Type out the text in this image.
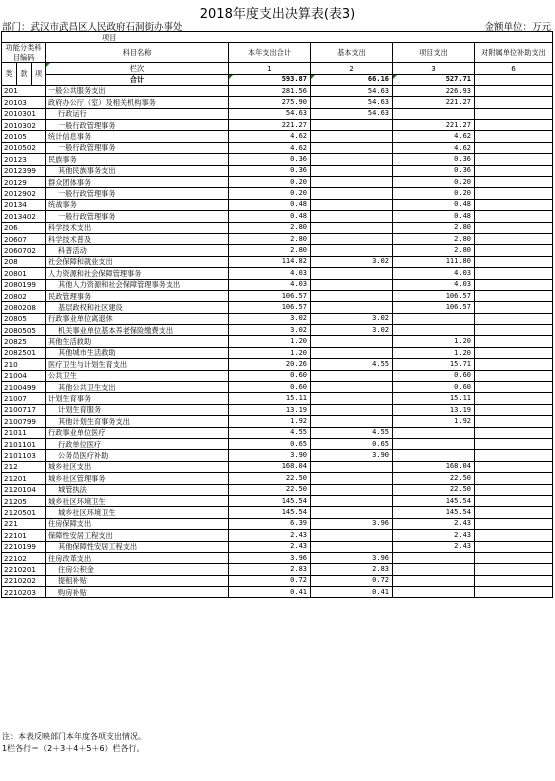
2018年度支出决算表(表3)
部门：武汉市武昌区人民政府石洞街办事处	金额单位：万元
项目							
功能分类科目编码			科目名称	本年支出合计	基本支出	项目支出	对附属单位补助支出
类	款	项	栏次	1	2	3	6
			合计	593.87	66.16	527.71	
201			一般公共服务支出	281.56	54.63	226.93	
20103			政府办公厅（室）及相关机构事务	275.90	54.63	221.27	
2010301			行政运行	54.63	54.63		
2010302			一般行政管理事务	221.27		221.27	
20105			统计信息事务	4.62		4.62	
2010502			一般行政管理事务	4.62		4.62	
20123			民族事务	0.36		0.36	
2012399			其他民族事务支出	0.36		0.36	
20129			群众团体事务	0.20		0.20	
2012902			一般行政管理事务	0.20		0.20	
20134			统战事务	0.48		0.48	
2013402			一般行政管理事务	0.48		0.48	
206			科学技术支出	2.80		2.80	
20607			科学技术普及	2.80		2.80	
2060702			科普活动	2.80		2.80	
208			社会保障和就业支出	114.82	3.02	111.80	
20801			人力资源和社会保障管理事务	4.03		4.03	
2080199			其他人力资源和社会保障管理事务支出	4.03		4.03	
20802			民政管理事务	106.57		106.57	
2080208			基层政权和社区建设	106.57		106.57	
20805			行政事业单位离退休	3.02	3.02		
2080505			机关事业单位基本养老保险缴费支出	3.02	3.02		
20825			其他生活救助	1.20		1.20	
2082501			其他城市生活救助	1.20		1.20	
210			医疗卫生与计划生育支出	20.26	4.55	15.71	
21004			公共卫生	0.60		0.60	
2100499			其他公共卫生支出	0.60		0.60	
21007			计划生育事务	15.11		15.11	
2100717			计划生育服务	13.19		13.19	
2100799			其他计划生育事务支出	1.92		1.92	
21011			行政事业单位医疗	4.55	4.55		
2101101			行政单位医疗	0.65	0.65		
2101103			公务员医疗补助	3.90	3.90		
212			城乡社区支出	168.04		168.04	
21201			城乡社区管理事务	22.50		22.50	
2120104			城管执法	22.50		22.50	
21205			城乡社区环境卫生	145.54		145.54	
2120501			城乡社区环境卫生	145.54		145.54	
221			住房保障支出	6.39	3.96	2.43	
22101			保障性安居工程支出	2.43		2.43	
2210199			其他保障性安居工程支出	2.43		2.43	
22102			住房改革支出	3.96	3.96		
2210201			住房公积金	2.83	2.83		
2210202			提租补贴	0.72	0.72		
2210203			购房补贴	0.41	0.41		
注：本表反映部门本年度各项支出情况。
1栏各行＝（2＋3＋4＋5＋6）栏各行。
